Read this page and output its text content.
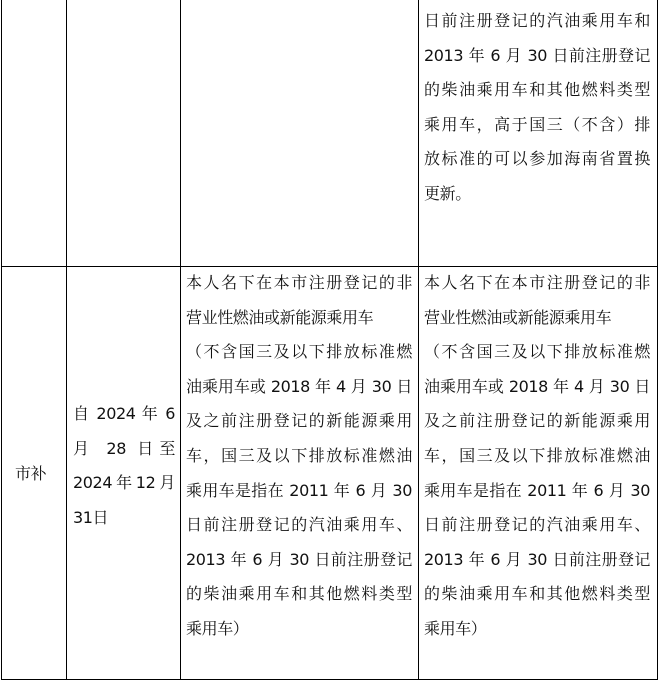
日前注册登记的汽油乘用车和
2013 年 6 月 30 日前注册登记
的柴油乘用车和其他燃料类型
乘用车，高于国三（不含）排
放标准的可以参加海南省置换
更新。
市补
自 2024 年 6
月 28 日至
2024年12月
31日
本人名下在本市注册登记的非
营业性燃油或新能源乘用车
（不含国三及以下排放标准燃
油乘用车或 2018 年 4 月 30 日
及之前注册登记的新能源乘用
车，国三及以下排放标准燃油
乘用车是指在 2011 年 6 月 30
日前注册登记的汽油乘用车、
2013 年 6 月 30 日前注册登记
的柴油乘用车和其他燃料类型
乘用车）
本人名下在本市注册登记的非
营业性燃油或新能源乘用车
（不含国三及以下排放标准燃
油乘用车或 2018 年 4 月 30 日
及之前注册登记的新能源乘用
车，国三及以下排放标准燃油
乘用车是指在 2011 年 6 月 30
日前注册登记的汽油乘用车、
2013 年 6 月 30 日前注册登记
的柴油乘用车和其他燃料类型
乘用车）
